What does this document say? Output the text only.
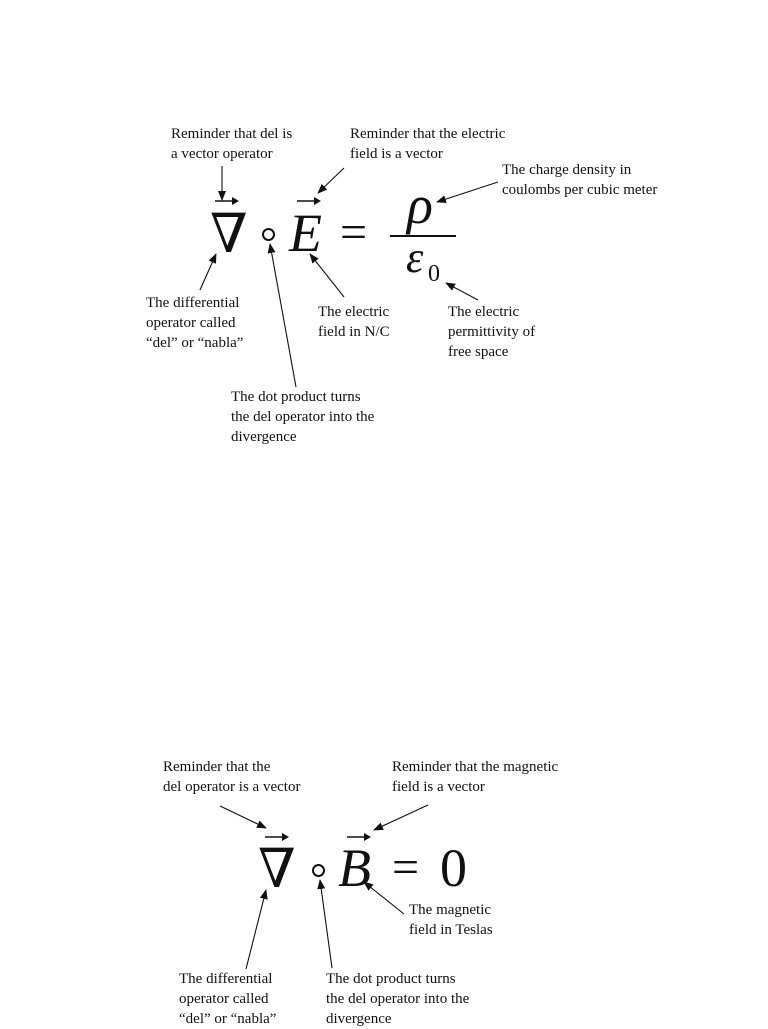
Reminder that del is
a vector operator
Reminder that the electric
field is a vector
The charge density in
coulombs per cubic meter
The differential
operator called
“del” or “nabla”
The electric
field in N/C
The electric
permittivity of
free space
The dot product turns
the del operator into the
divergence
∇ E = ρ
ε 0
Reminder that the
del operator is a vector
Reminder that the magnetic
field is a vector
The magnetic
field in Teslas
The differential
operator called
“del” or “nabla”
The dot product turns
the del operator into the
divergence
∇ B = 0
